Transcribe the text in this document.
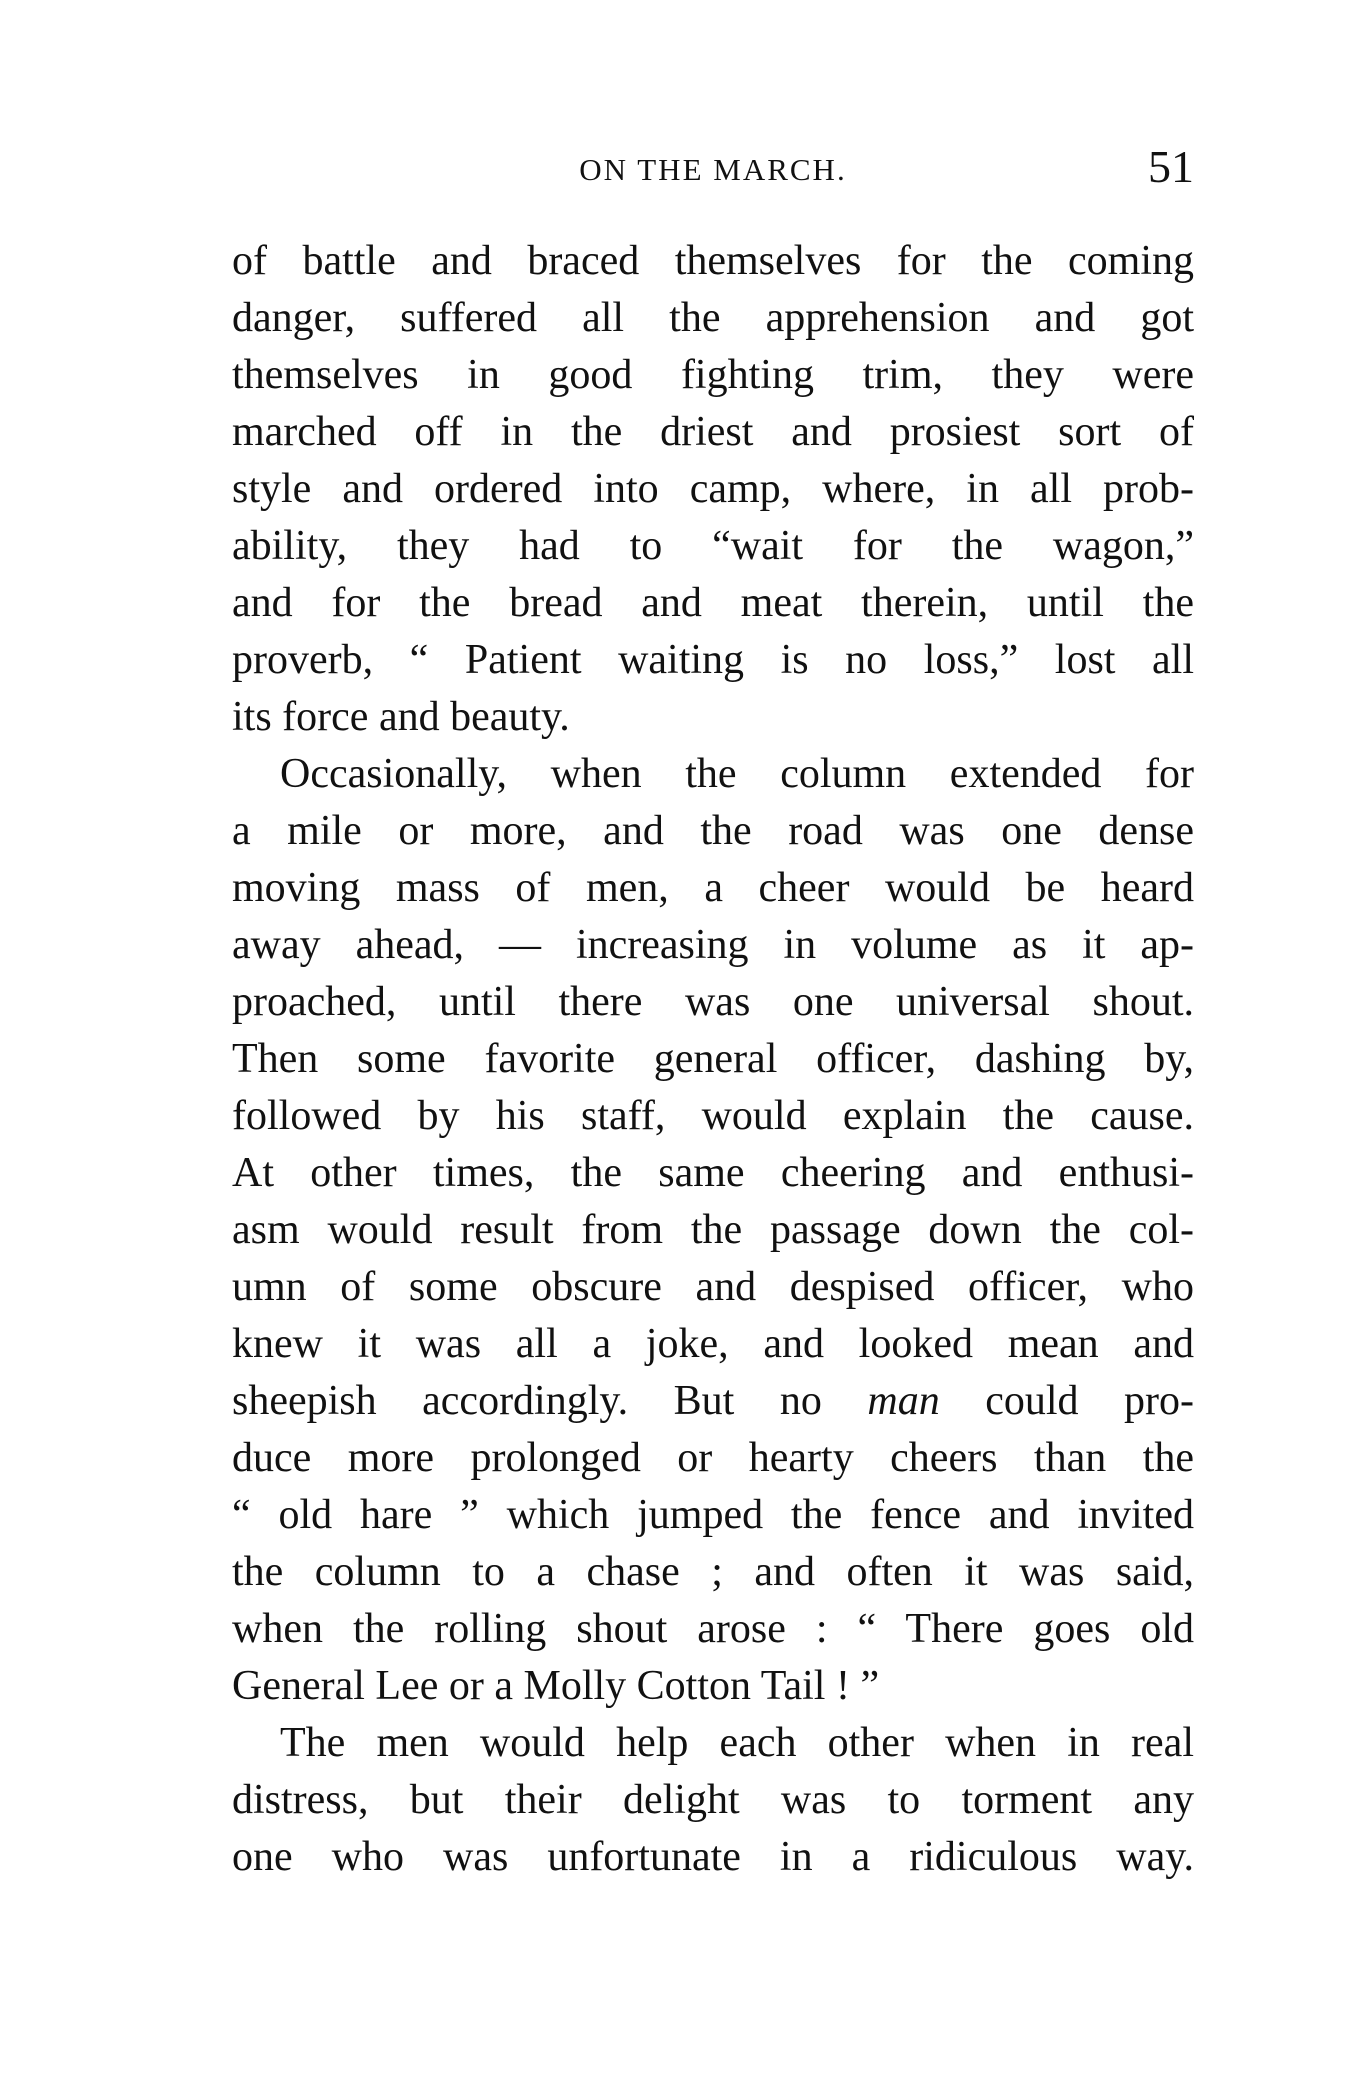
ON THE MARCH.	51
of battle and braced themselves for the coming
danger, suffered all the apprehension and got
themselves in good fighting trim, they were
marched off in the driest and prosiest sort of
style and ordered into camp, where, in all prob-
ability, they had to “wait for the wagon,”
and for the bread and meat therein, until the
proverb, “ Patient waiting is no loss,” lost all
its force and beauty.
Occasionally, when the column extended for
a mile or more, and the road was one dense
moving mass of men, a cheer would be heard
away ahead, — increasing in volume as it ap-
proached, until there was one universal shout.
Then some favorite general officer, dashing by,
followed by his staff, would explain the cause.
At other times, the same cheering and enthusi-
asm would result from the passage down the col-
umn of some obscure and despised officer, who
knew it was all a joke, and looked mean and
sheepish accordingly. But no man could pro-
duce more prolonged or hearty cheers than the
“ old hare ” which jumped the fence and invited
the column to a chase ; and often it was said,
when the rolling shout arose : “ There goes old
General Lee or a Molly Cotton Tail ! ”
The men would help each other when in real
distress, but their delight was to torment any
one who was unfortunate in a ridiculous way.
